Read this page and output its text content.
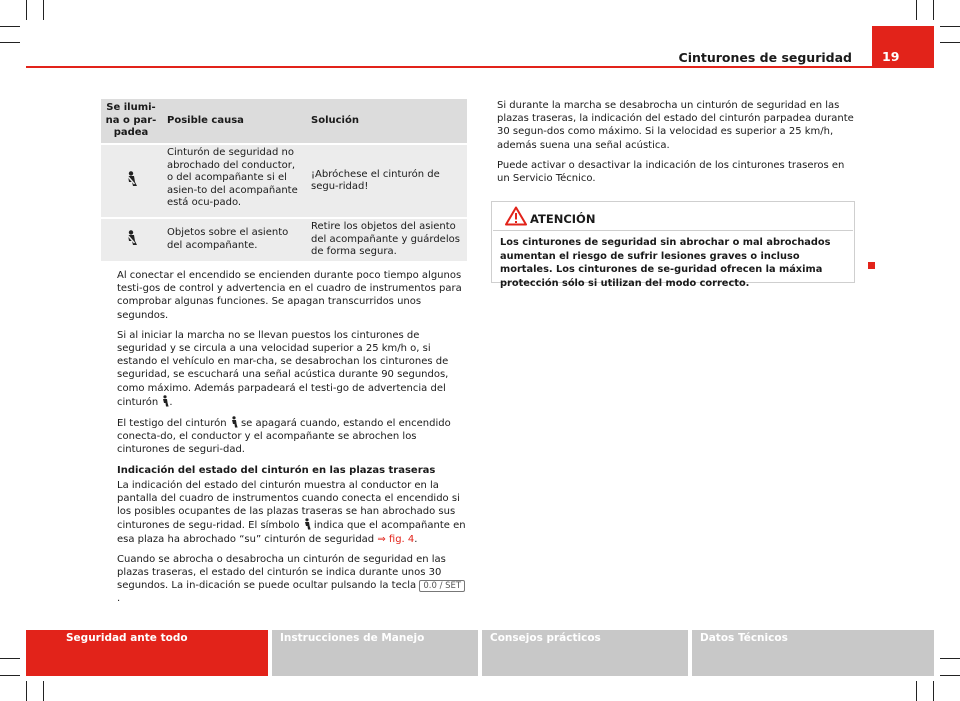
Cinturones de seguridad	19
Se ilumi-
na o par-
padea	Posible causa	Solución
	Cinturón de seguridad no abrochado del conductor, o del acompañante si el asien-to del acompañante está ocu-pado.	¡Abróchese el cinturón de segu-ridad!
	Objetos sobre el asiento del acompañante.	Retire los objetos del asiento del acompañante y guárdelos de forma segura.

Al conectar el encendido se encienden durante poco tiempo algunos testi-gos de control y advertencia en el cuadro de instrumentos para comprobar algunas funciones. Se apagan transcurridos unos segundos.

Si al iniciar la marcha no se llevan puestos los cinturones de seguridad y se circula a una velocidad superior a 25 km/h o, si estando el vehículo en mar-cha, se desabrochan los cinturones de seguridad, se escuchará una señal acústica durante 90 segundos, como máximo. Además parpadeará el testi-go de advertencia del cinturón .

El testigo del cinturón se apagará cuando, estando el encendido conecta-do, el conductor y el acompañante se abrochen los cinturones de seguri-dad.

Indicación del estado del cinturón en las plazas traseras

La indicación del estado del cinturón muestra al conductor en la pantalla del cuadro de instrumentos cuando conecta el encendido si los posibles ocupantes de las plazas traseras se han abrochado sus cinturones de segu-ridad. El símbolo indica que el acompañante en esa plaza ha abrochado “su” cinturón de seguridad ⇒ fig. 4.

Cuando se abrocha o desabrocha un cinturón de seguridad en las plazas traseras, el estado del cinturón se indica durante unos 30 segundos. La in-dicación se puede ocultar pulsando la tecla 0.0 / SET.

Si durante la marcha se desabrocha un cinturón de seguridad en las plazas traseras, la indicación del estado del cinturón parpadea durante 30 segun-dos como máximo. Si la velocidad es superior a 25 km/h, además suena una señal acústica.

Puede activar o desactivar la indicación de los cinturones traseros en un Servicio Técnico.

ATENCIÓN
Los cinturones de seguridad sin abrochar o mal abrochados aumentan el riesgo de sufrir lesiones graves o incluso mortales. Los cinturones de se-guridad ofrecen la máxima protección sólo si utilizan del modo correcto.
Seguridad ante todo	Instrucciones de Manejo	Consejos prácticos	Datos Técnicos
